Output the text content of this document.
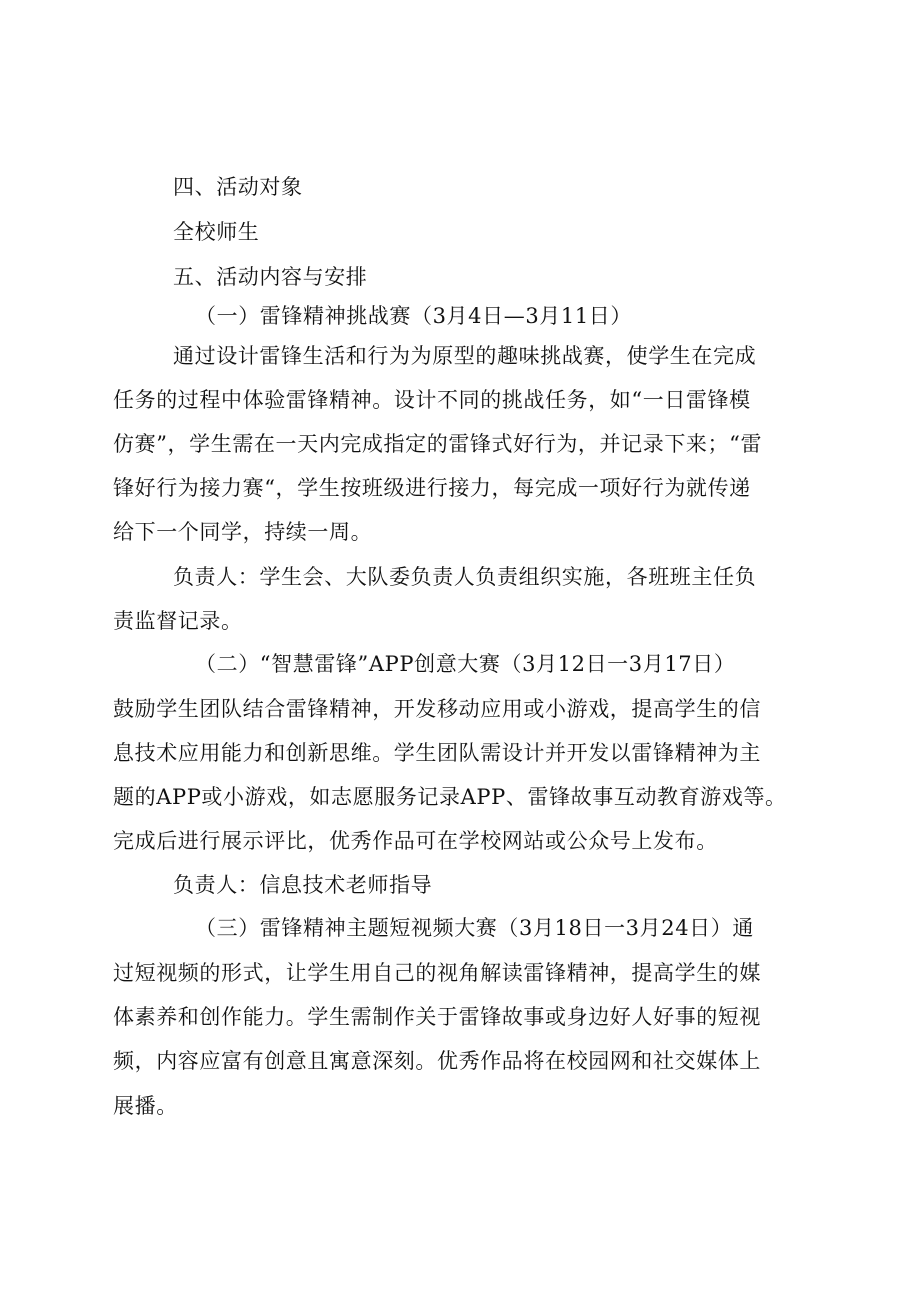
四、活动对象
全校师生
五、活动内容与安排
（一）雷锋精神挑战赛（3月4日—3月11日）
通过设计雷锋生活和行为为原型的趣味挑战赛，使学生在完成
任务的过程中体验雷锋精神。设计不同的挑战任务，如“一日雷锋模
仿赛”，学生需在一天内完成指定的雷锋式好行为，并记录下来；“雷
锋好行为接力赛“，学生按班级进行接力，每完成一项好行为就传递
给下一个同学，持续一周。
负责人：学生会、大队委负责人负责组织实施，各班班主任负
责监督记录。
（二）“智慧雷锋”APP创意大赛（3月12日一3月17日）
鼓励学生团队结合雷锋精神，开发移动应用或小游戏，提高学生的信
息技术应用能力和创新思维。学生团队需设计并开发以雷锋精神为主
题的APP或小游戏，如志愿服务记录APP、雷锋故事互动教育游戏等。
完成后进行展示评比，优秀作品可在学校网站或公众号上发布。
负责人：信息技术老师指导
（三）雷锋精神主题短视频大赛（3月18日一3月24日）通
过短视频的形式，让学生用自己的视角解读雷锋精神，提高学生的媒
体素养和创作能力。学生需制作关于雷锋故事或身边好人好事的短视
频，内容应富有创意且寓意深刻。优秀作品将在校园网和社交媒体上
展播。
